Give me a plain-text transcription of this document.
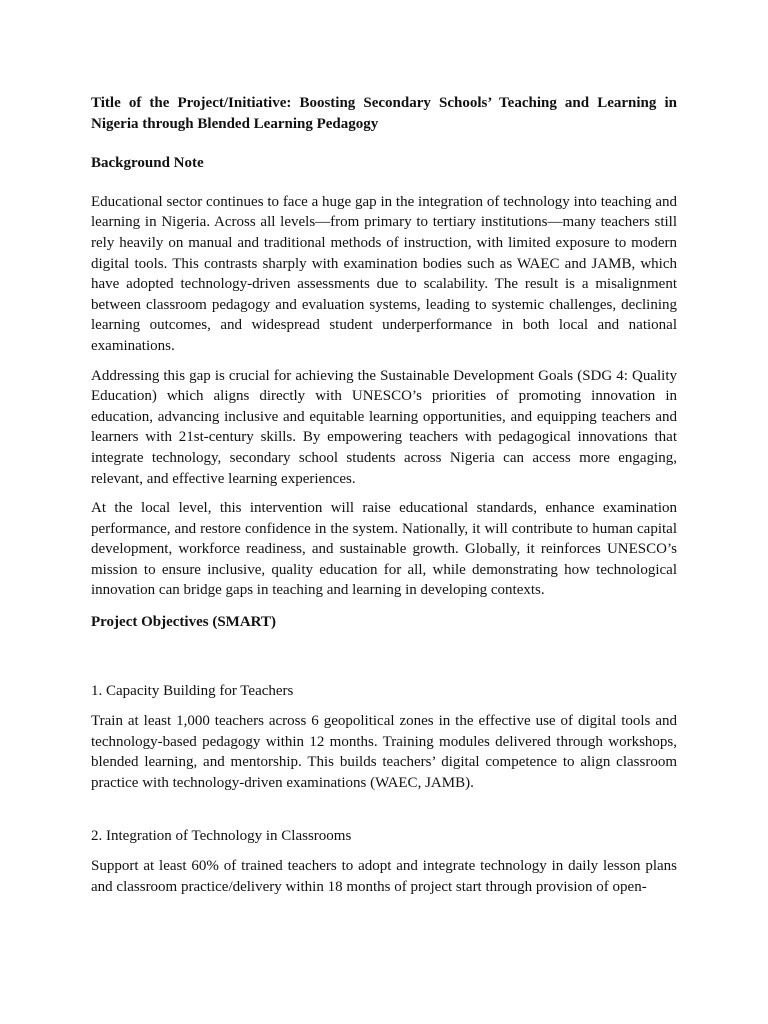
Title of the Project/Initiative: Boosting Secondary Schools’ Teaching and Learning in Nigeria through Blended Learning Pedagogy

Background Note

Educational sector continues to face a huge gap in the integration of technology into teaching and learning in Nigeria. Across all levels—from primary to tertiary institutions—many teachers still rely heavily on manual and traditional methods of instruction, with limited exposure to modern digital tools. This contrasts sharply with examination bodies such as WAEC and JAMB, which have adopted technology-driven assessments due to scalability. The result is a misalignment between classroom pedagogy and evaluation systems, leading to systemic challenges, declining learning outcomes, and widespread student underperformance in both local and national examinations.

Addressing this gap is crucial for achieving the Sustainable Development Goals (SDG 4: Quality Education) which aligns directly with UNESCO’s priorities of promoting innovation in education, advancing inclusive and equitable learning opportunities, and equipping teachers and learners with 21st-century skills. By empowering teachers with pedagogical innovations that integrate technology, secondary school students across Nigeria can access more engaging, relevant, and effective learning experiences.

At the local level, this intervention will raise educational standards, enhance examination performance, and restore confidence in the system. Nationally, it will contribute to human capital development, workforce readiness, and sustainable growth. Globally, it reinforces UNESCO’s mission to ensure inclusive, quality education for all, while demonstrating how technological innovation can bridge gaps in teaching and learning in developing contexts.

Project Objectives (SMART)

1. Capacity Building for Teachers

Train at least 1,000 teachers across 6 geopolitical zones in the effective use of digital tools and technology-based pedagogy within 12 months. Training modules delivered through workshops, blended learning, and mentorship. This builds teachers’ digital competence to align classroom practice with technology-driven examinations (WAEC, JAMB).

2. Integration of Technology in Classrooms

Support at least 60% of trained teachers to adopt and integrate technology in daily lesson plans and classroom practice/delivery within 18 months of project start through provision of open-
